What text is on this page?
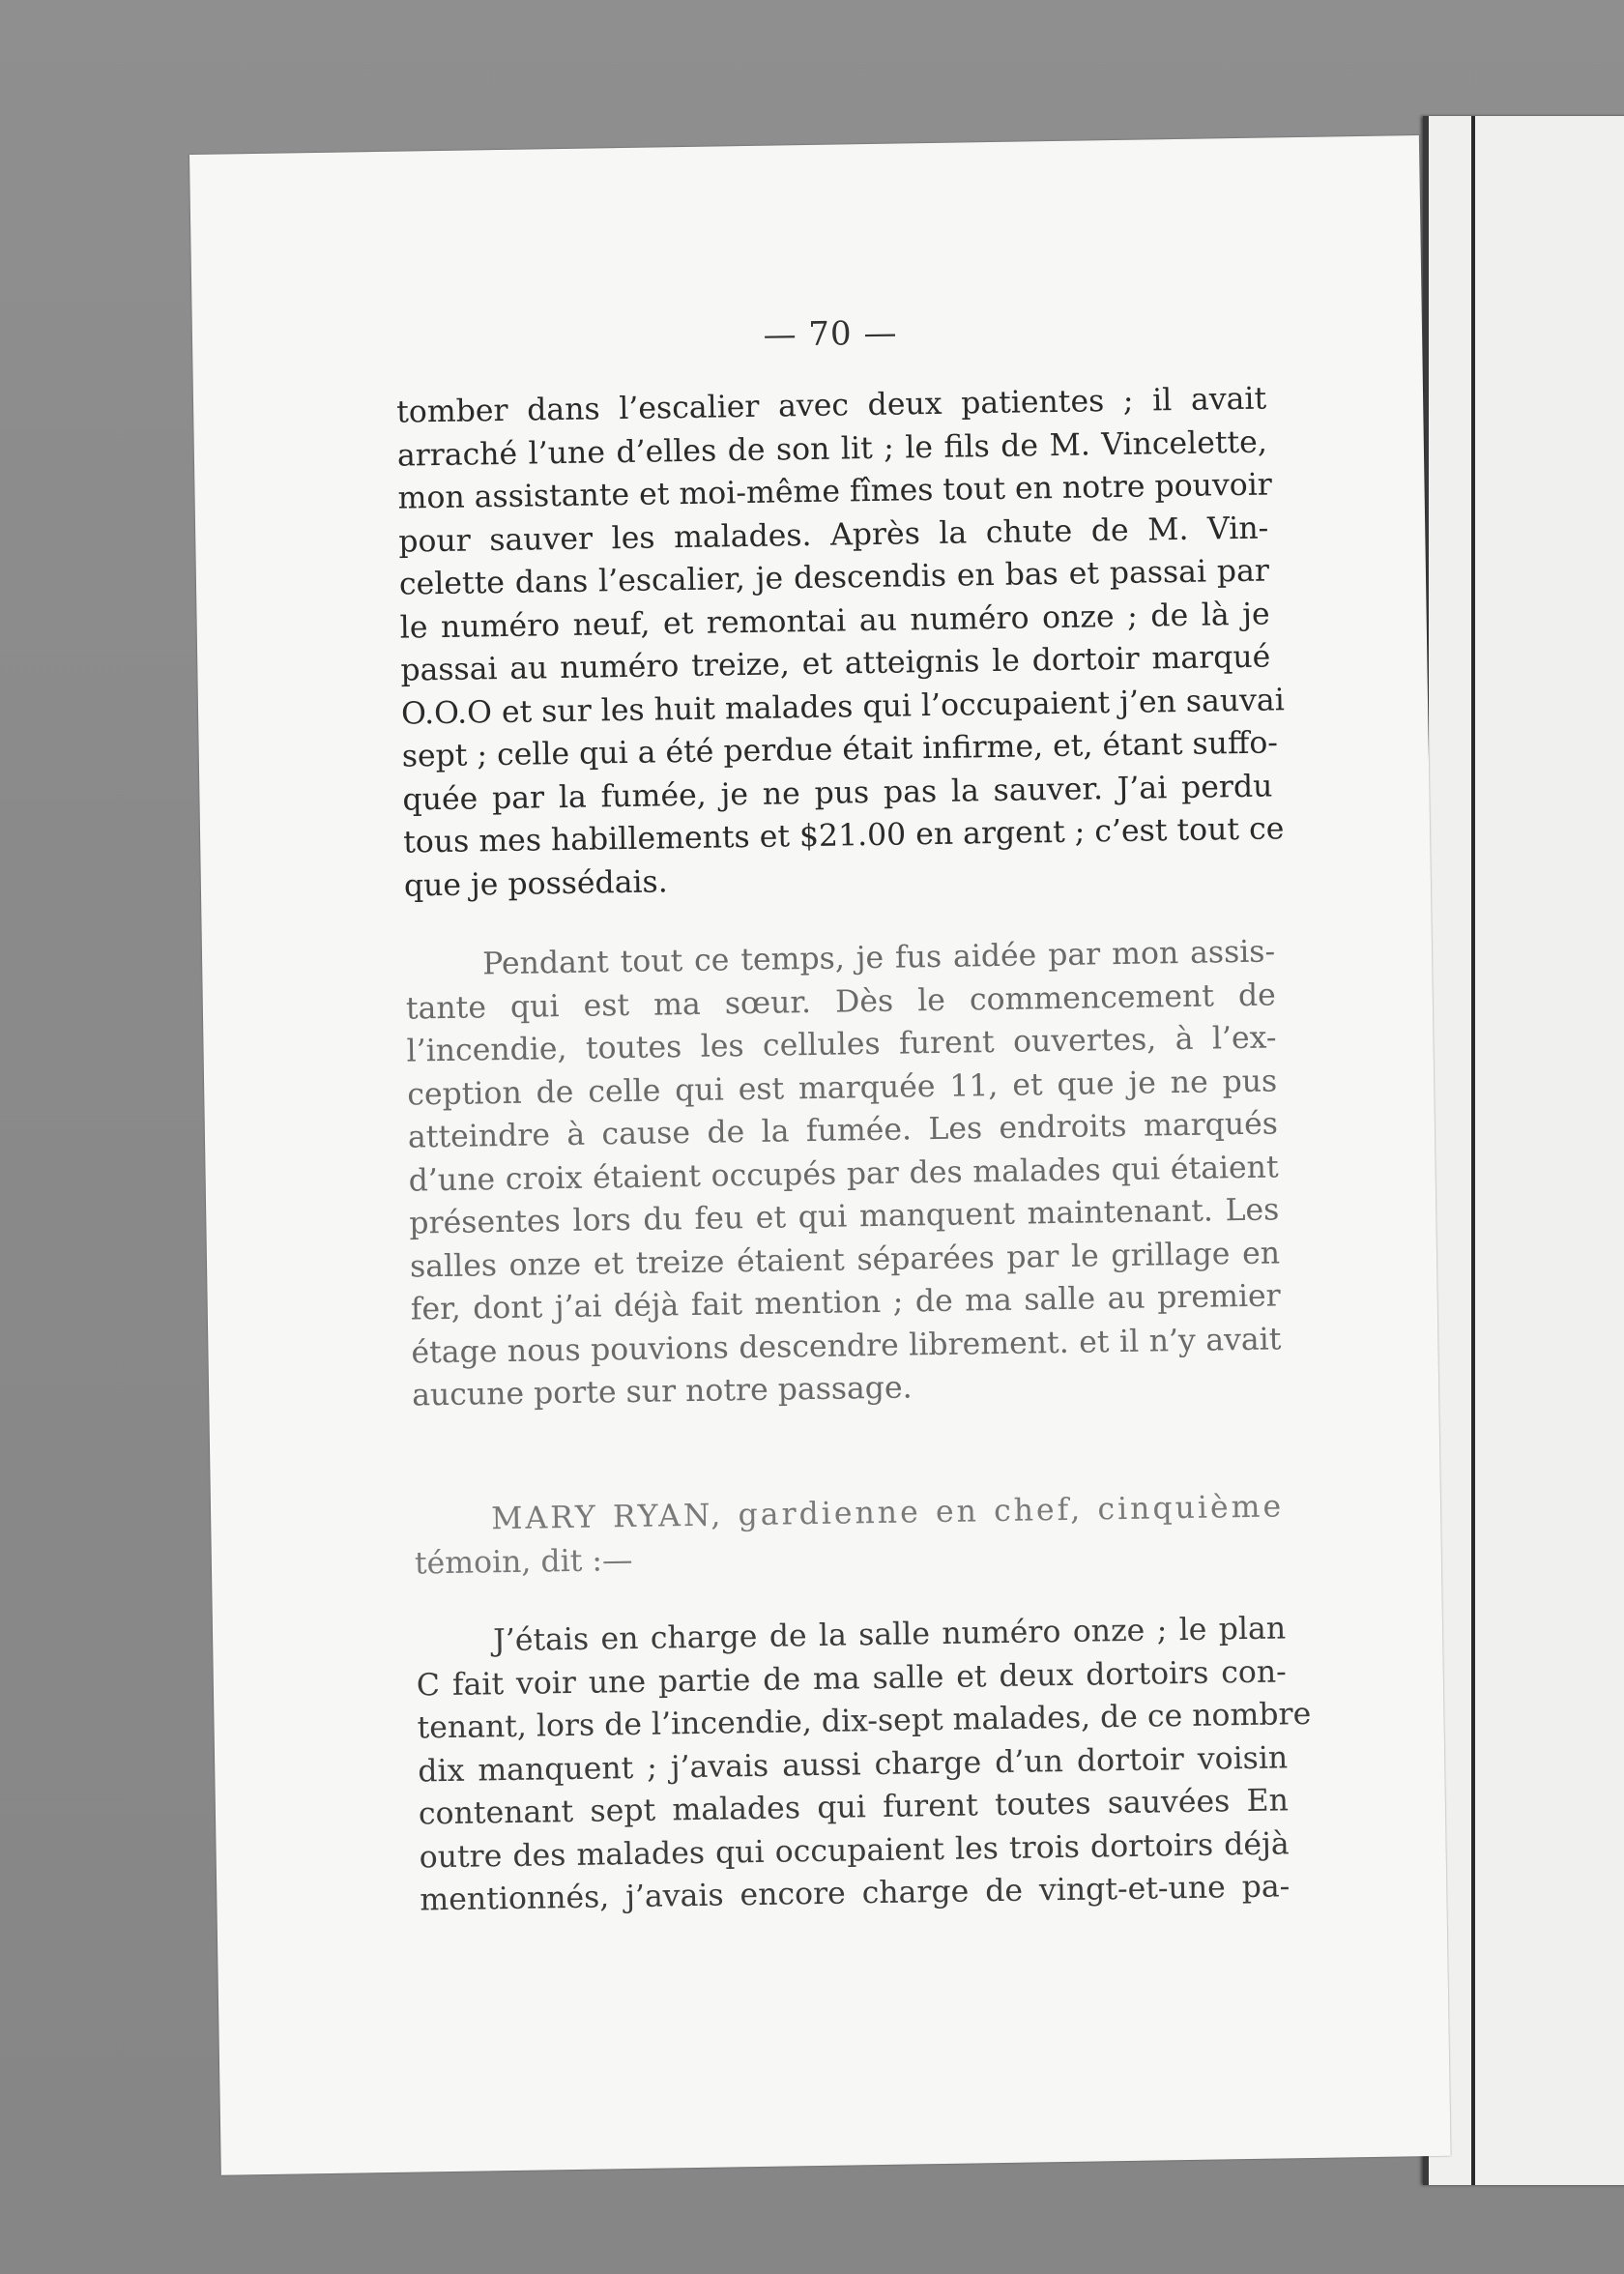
— 70 —
tomber dans l’escalier avec deux patientes ; il avait
arraché l’une d’elles de son lit ; le fils de M. Vincelette,
mon assistante et moi-même fîmes tout en notre pouvoir
pour sauver les malades. Après la chute de M. Vin-
celette dans l’escalier, je descendis en bas et passai par
le numéro neuf, et remontai au numéro onze ; de là je
passai au numéro treize, et atteignis le dortoir marqué
O.O.O et sur les huit malades qui l’occupaient j’en sauvai
sept ; celle qui a été perdue était infirme, et, étant suffo-
quée par la fumée, je ne pus pas la sauver. J’ai perdu
tous mes habillements et $21.00 en argent ; c’est tout ce
que je possédais.
Pendant tout ce temps, je fus aidée par mon assis-
tante qui est ma sœur. Dès le commencement de
l’incendie, toutes les cellules furent ouvertes, à l’ex-
ception de celle qui est marquée 11, et que je ne pus
atteindre à cause de la fumée. Les endroits marqués
d’une croix étaient occupés par des malades qui étaient
présentes lors du feu et qui manquent maintenant. Les
salles onze et treize étaient séparées par le grillage en
fer, dont j’ai déjà fait mention ; de ma salle au premier
étage nous pouvions descendre librement. et il n’y avait
aucune porte sur notre passage.
MARY RYAN, gardienne en chef, cinquième
témoin, dit :—
J’étais en charge de la salle numéro onze ; le plan
C fait voir une partie de ma salle et deux dortoirs con-
tenant, lors de l’incendie, dix-sept malades, de ce nombre
dix manquent ; j’avais aussi charge d’un dortoir voisin
contenant sept malades qui furent toutes sauvées En
outre des malades qui occupaient les trois dortoirs déjà
mentionnés, j’avais encore charge de vingt-et-une pa-
